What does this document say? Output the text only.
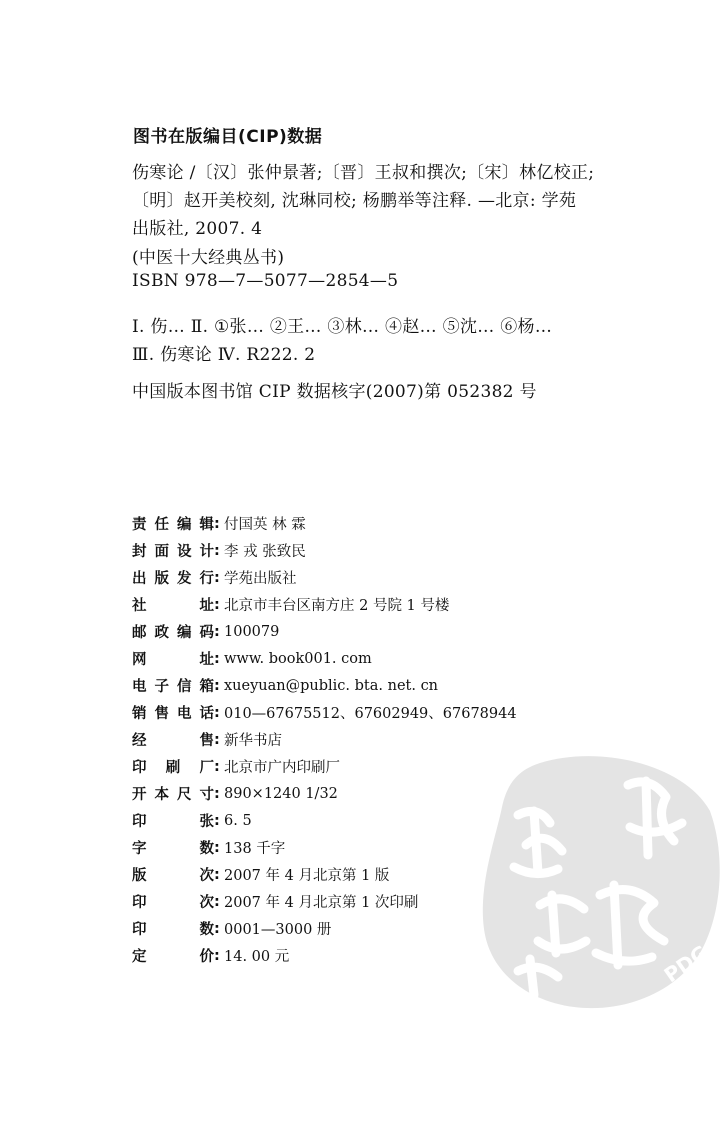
图书在版编目(CIP)数据
伤寒论 /〔汉〕张仲景著;〔晋〕王叔和撰次;〔宋〕林亿校正;
〔明〕赵开美校刻, 沈琳同校; 杨鹏举等注释. —北京: 学苑
出版社, 2007. 4
(中医十大经典丛书)
ISBN 978—7—5077—2854—5
Ⅰ. 伤… Ⅱ. ①张… ②王… ③林… ④赵… ⑤沈… ⑥杨…
Ⅲ. 伤寒论 Ⅳ. R222. 2
中国版本图书馆 CIP 数据核字(2007)第 052382 号
责任编辑 : 付国英 林 霖
封面设计 : 李 戎 张致民
出版发行 : 学苑出版社
社址 : 北京市丰台区南方庄 2 号院 1 号楼
邮政编码 : 100079
网址 : www. book001. com
电子信箱 : xueyuan@public. bta. net. cn
销售电话 : 010—67675512、67602949、67678944
经售 : 新华书店
印刷厂 : 北京市广内印刷厂
开本尺寸 : 890×1240 1/32
印张 : 6. 5
字数 : 138 千字
版次 : 2007 年 4 月北京第 1 版
印次 : 2007 年 4 月北京第 1 次印刷
印数 : 0001—3000 册
定价 : 14. 00 元	PDG
